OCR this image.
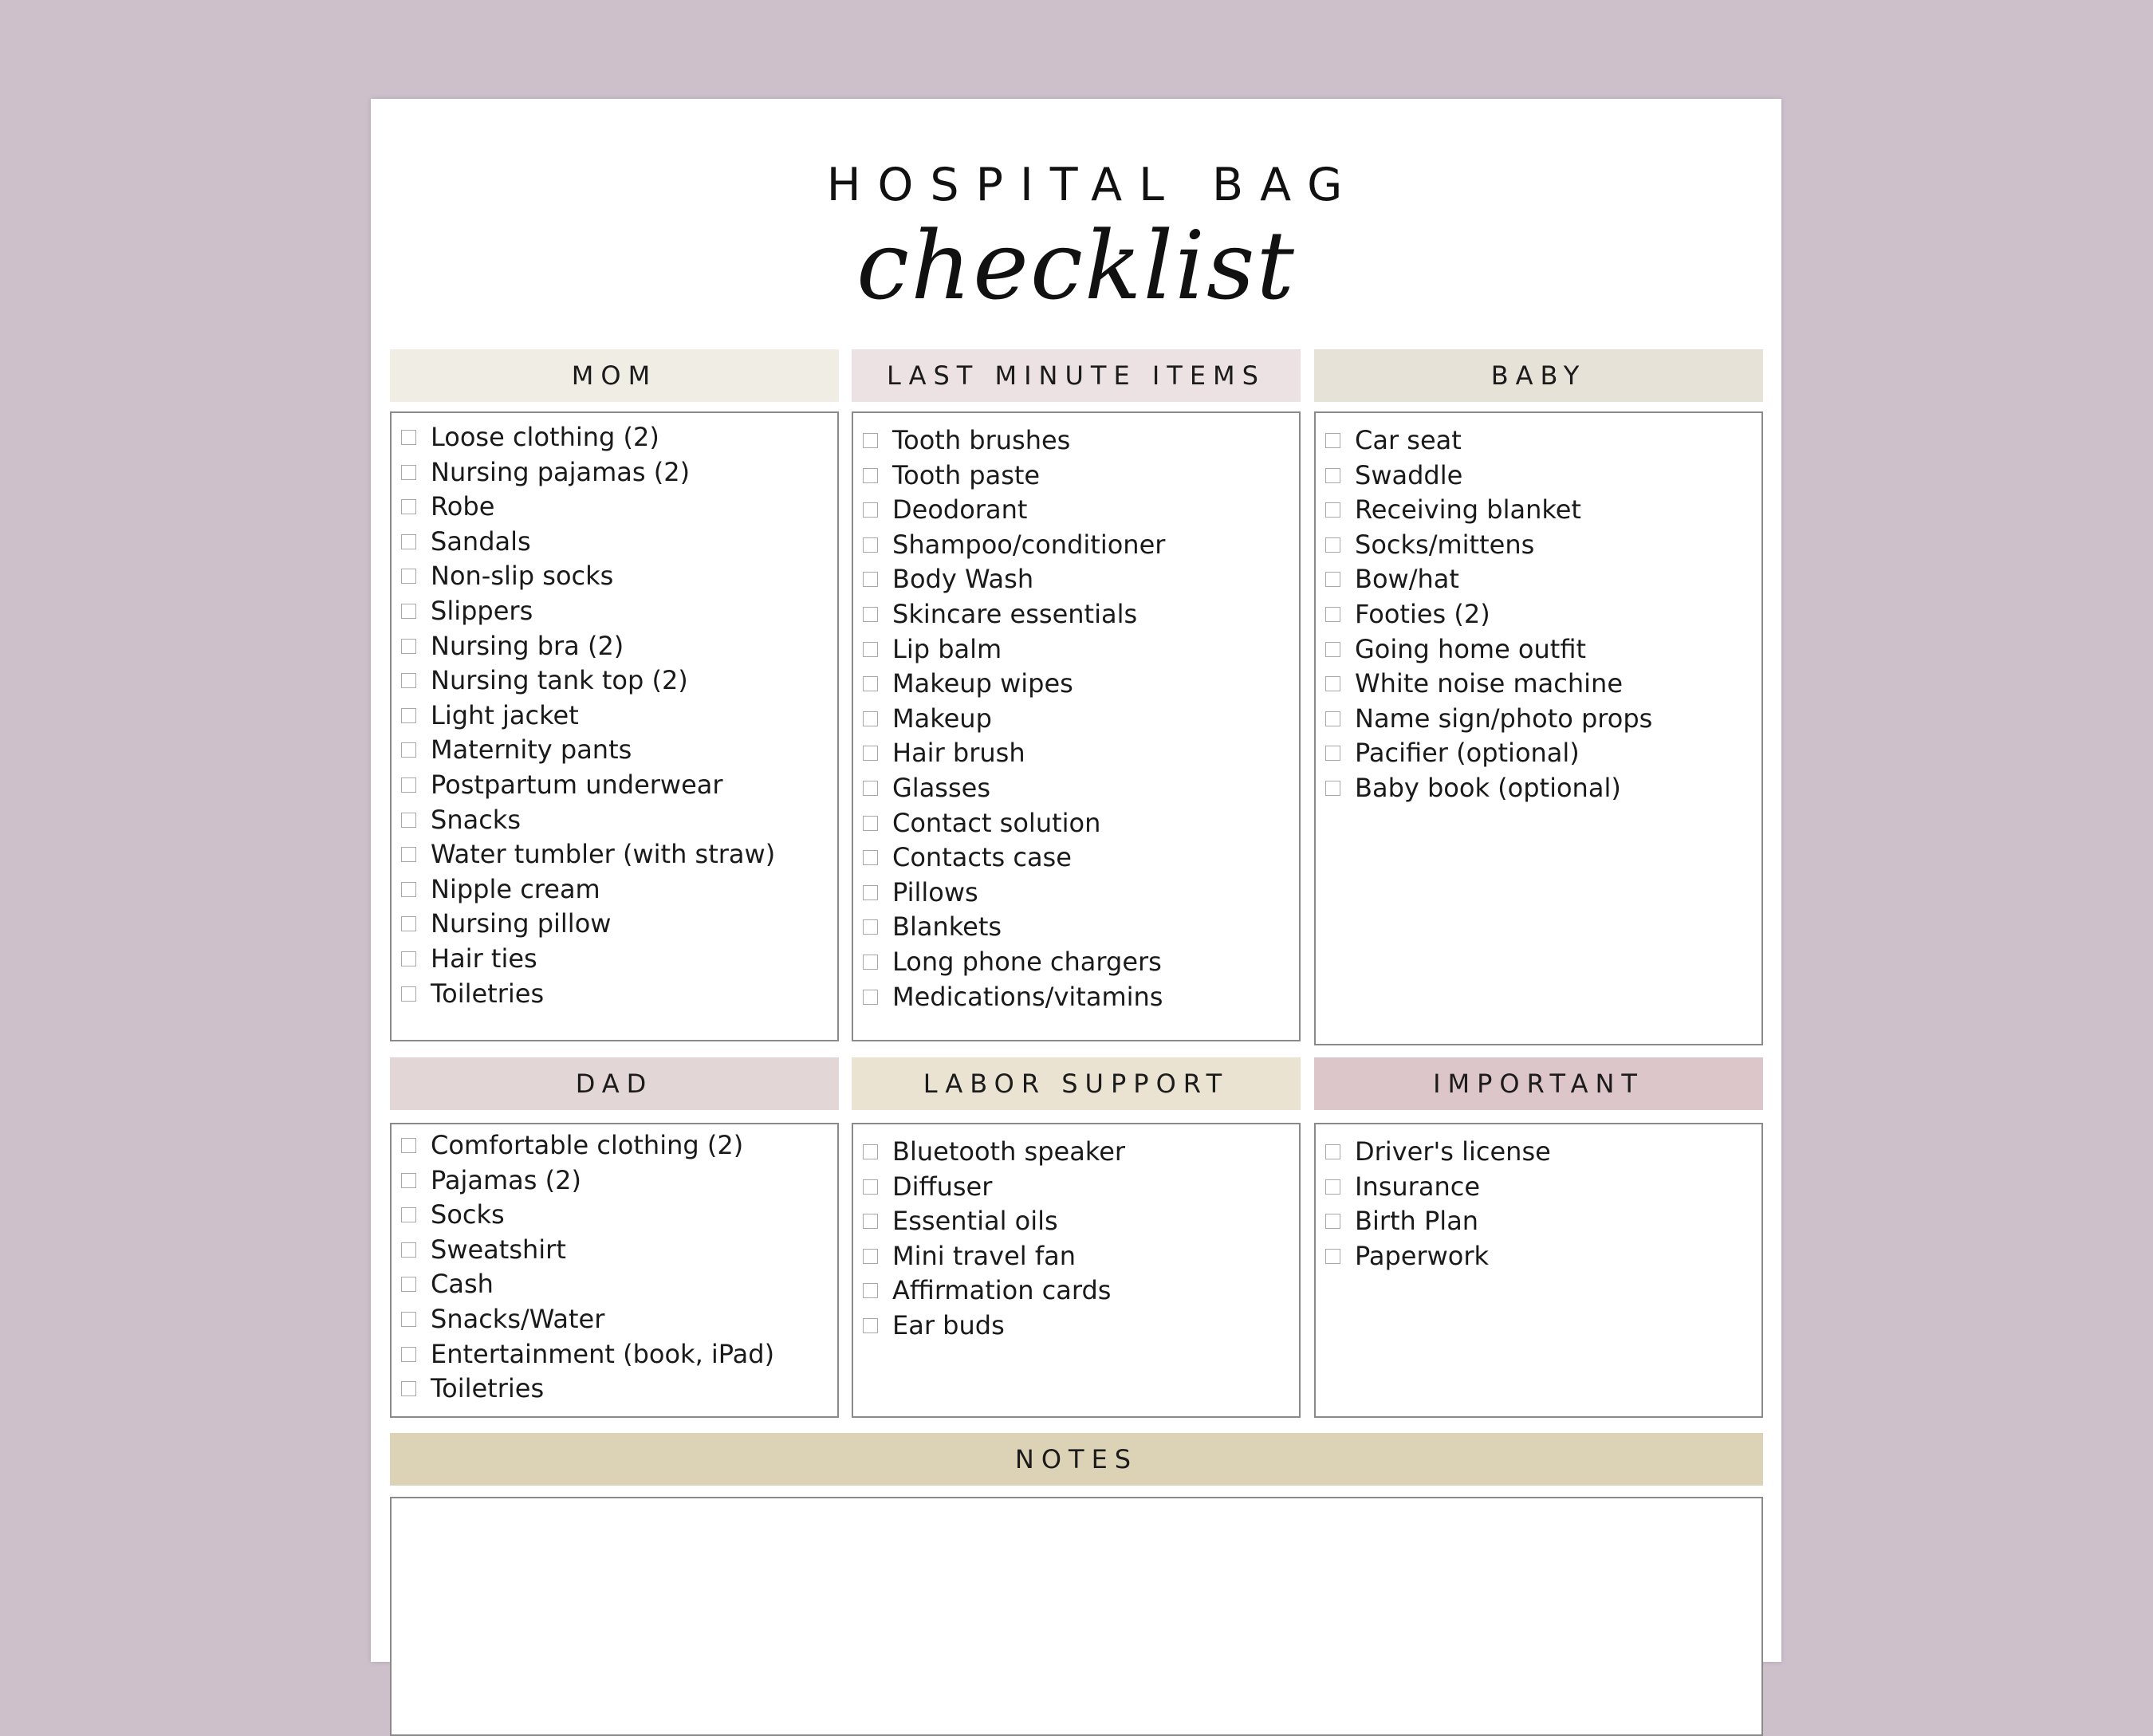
HOSPITAL BAG
checklist
MOM	LAST MINUTE ITEMS	BABY
Loose clothing (2)
Nursing pajamas (2)
Robe
Sandals
Non-slip socks
Slippers
Nursing bra (2)
Nursing tank top (2)
Light jacket
Maternity pants
Postpartum underwear
Snacks
Water tumbler (with straw)
Nipple cream
Nursing pillow
Hair ties
Toiletries
Tooth brushes
Tooth paste
Deodorant
Shampoo/conditioner
Body Wash
Skincare essentials
Lip balm
Makeup wipes
Makeup
Hair brush
Glasses
Contact solution
Contacts case
Pillows
Blankets
Long phone chargers
Medications/vitamins
Car seat
Swaddle
Receiving blanket
Socks/mittens
Bow/hat
Footies (2)
Going home outfit
White noise machine
Name sign/photo props
Pacifier (optional)
Baby book (optional)
DAD	LABOR SUPPORT	IMPORTANT
Comfortable clothing (2)
Pajamas (2)
Socks
Sweatshirt
Cash
Snacks/Water
Entertainment (book, iPad)
Toiletries
Bluetooth speaker
Diffuser
Essential oils
Mini travel fan
Affirmation cards
Ear buds
Driver's license
Insurance
Birth Plan
Paperwork
NOTES
